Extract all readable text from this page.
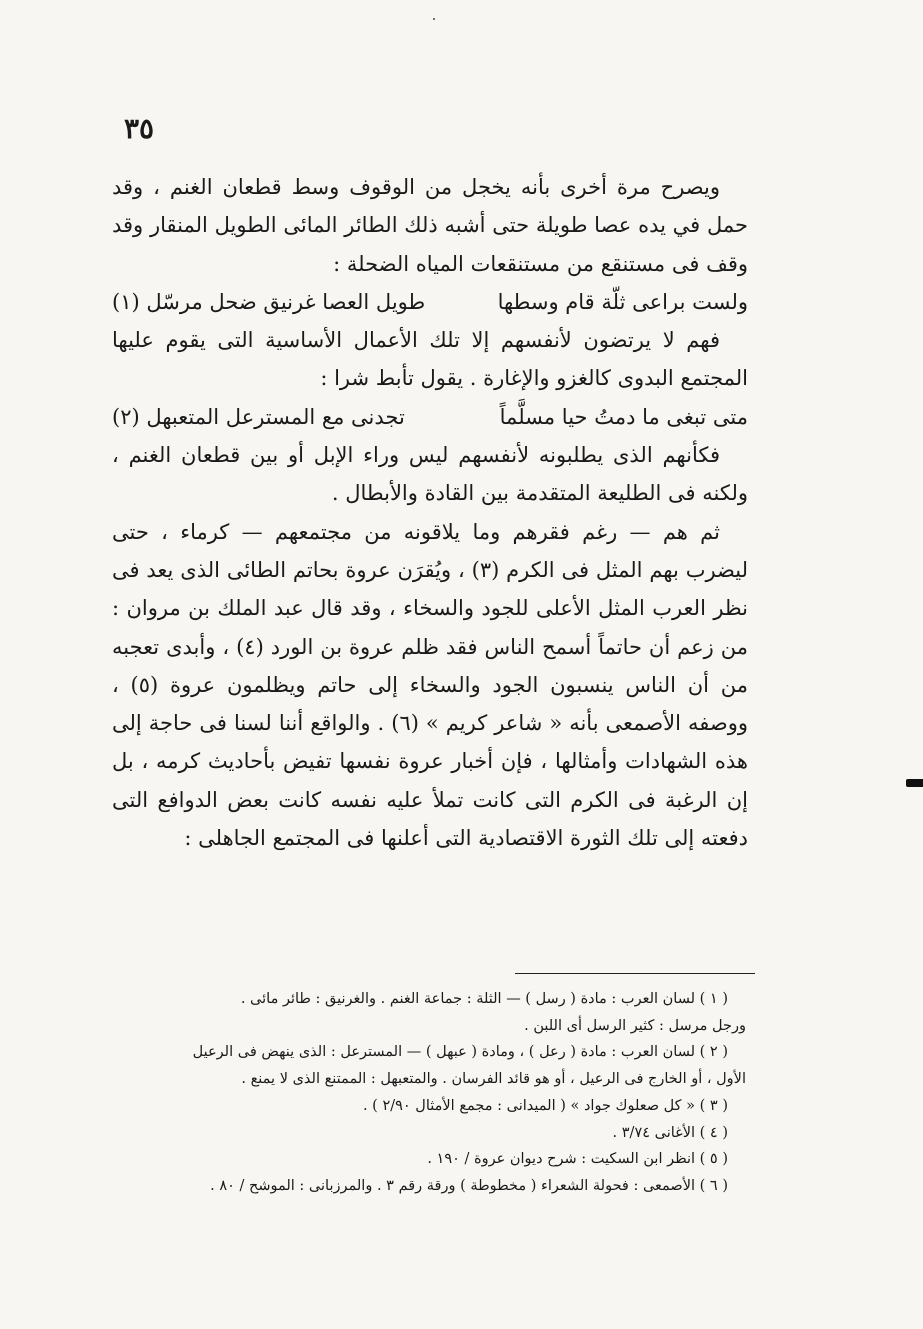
٣٥

ويصرح مرة أخرى بأنه يخجل من الوقوف وسط قطعان الغنم ، وقد حمل في يده عصا طويلة حتى أشبه ذلك الطائر المائى الطويل المنقار وقد وقف فى مستنقع من مستنقعات المياه الضحلة :

ولست براعى ثلّة قام وسطها
طويل العصا غرنيق ضحل مرسّل (١)

فهم لا يرتضون لأنفسهم إلا تلك الأعمال الأساسية التى يقوم عليها المجتمع البدوى كالغزو والإغارة . يقول تأبط شرا :

متى تبغى ما دمتُ حيا مسلَّماً
تجدنى مع المسترعل المتعبهل (٢)

فكأنهم الذى يطلبونه لأنفسهم ليس وراء الإبل أو بين قطعان الغنم ، ولكنه فى الطليعة المتقدمة بين القادة والأبطال .

ثم هم — رغم فقرهم وما يلاقونه من مجتمعهم — كرماء ، حتى ليضرب بهم المثل فى الكرم (٣) ، ويُقرَن عروة بحاتم الطائى الذى يعد فى نظر العرب المثل الأعلى للجود والسخاء ، وقد قال عبد الملك بن مروان : من زعم أن حاتماً أسمح الناس فقد ظلم عروة بن الورد (٤) ، وأبدى تعجبه من أن الناس ينسبون الجود والسخاء إلى حاتم ويظلمون عروة (٥) ، ووصفه الأصمعى بأنه « شاعر كريم » (٦) . والواقع أننا لسنا فى حاجة إلى هذه الشهادات وأمثالها ، فإن أخبار عروة نفسها تفيض بأحاديث كرمه ، بل إن الرغبة فى الكرم التى كانت تملأ عليه نفسه كانت بعض الدوافع التى دفعته إلى تلك الثورة الاقتصادية التى أعلنها فى المجتمع الجاهلى :

( ١ ) لسان العرب : مادة ( رسل ) — الثلة : جماعة الغنم . والغرنيق : طائر مائى .

ورجل مرسل : كثير الرسل أى اللبن .

( ٢ ) لسان العرب : مادة ( رعل ) ، ومادة ( عبهل ) — المسترعل : الذى ينهض فى الرعيل

الأول ، أو الخارج فى الرعيل ، أو هو قائد الفرسان . والمتعبهل : الممتنع الذى لا يمنع .

( ٣ ) « كل صعلوك جواد » ( الميدانى : مجمع الأمثال ٢/٩٠ ) .

( ٤ ) الأغانى ٣/٧٤ .

( ٥ ) انظر ابن السكيت : شرح ديوان عروة / ١٩٠ .

( ٦ ) الأصمعى : فحولة الشعراء ( مخطوطة ) ورقة رقم ٣ . والمرزبانى : الموشح / ٨٠ .
